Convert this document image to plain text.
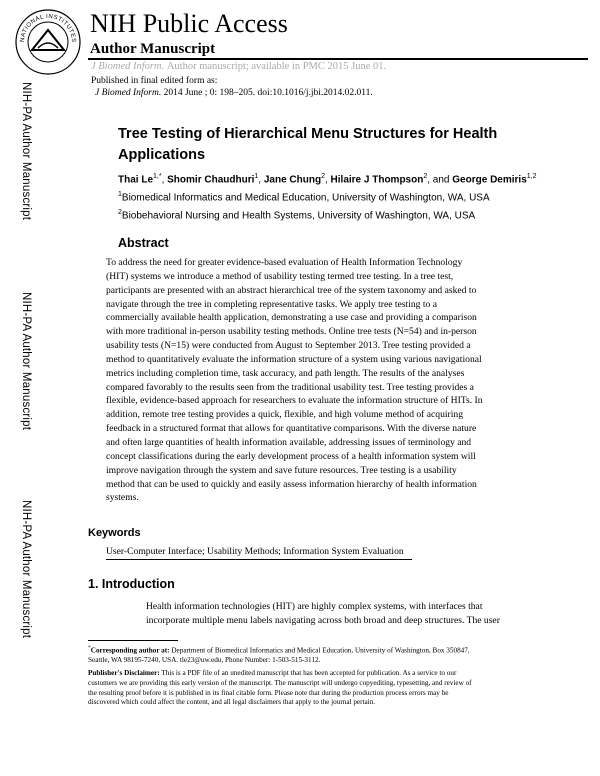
NATIONAL INSTITUTES
NIH Public Access
Author Manuscript
J Biomed Inform. Author manuscript; available in PMC 2015 June 01.
NIH-PA Author Manuscript
NIH-PA Author Manuscript
NIH-PA Author Manuscript
Published in final edited form as:
J Biomed Inform. 2014 June ; 0: 198–205. doi:10.1016/j.jbi.2014.02.011.
Tree Testing of Hierarchical Menu Structures for Health Applications
Thai $Le^{1,*}$, Shomir Chaudhuri$^1$, Jane Chung$^2$, Hilaire J Thompson$^2$, and George Demiris$^{1,2}$
$^1$Biomedical Informatics and Medical Education, University of Washington, WA, USA
$^2$Biobehavioral Nursing and Health Systems, University of Washington, WA, USA
Abstract
To address the need for greater evidence-based evaluation of Health Information Technology
(HIT) systems we introduce a method of usability testing termed tree testing. In a tree test,
participants are presented with an abstract hierarchical tree of the system taxonomy and asked to
navigate through the tree in completing representative tasks. We apply tree testing to a
commercially available health application, demonstrating a use case and providing a comparison
with more traditional in-person usability testing methods. Online tree tests (N=54) and in-person
usability tests (N=15) were conducted from August to September 2013. Tree testing provided a
method to quantitatively evaluate the information structure of a system using various navigational
metrics including completion time, task accuracy, and path length. The results of the analyses
compared favorably to the results seen from the traditional usability test. Tree testing provides a
flexible, evidence-based approach for researchers to evaluate the information structure of HITs. In
addition, remote tree testing provides a quick, flexible, and high volume method of acquiring
feedback in a structured format that allows for quantitative comparisons. With the diverse nature
and often large quantities of health information available, addressing issues of terminology and
concept classifications during the early development process of a health information system will
improve navigation through the system and save future resources. Tree testing is a usability
method that can be used to quickly and easily assess information hierarchy of health information
systems.
Keywords
User-Computer Interface; Usability Methods; Information System Evaluation
1. Introduction
Health information technologies (HIT) are highly complex systems, with interfaces that
incorporate multiple menu labels navigating across both broad and deep structures. The user
*Corresponding author at: Department of Biomedical Informatics and Medical Education, University of Washington, Box 350847,
Seattle, WA 98195-7240, USA. tle23@uw.edu, Phone Number: 1-503-515-3112.
Publisher's Disclaimer: This is a PDF file of an unedited manuscript that has been accepted for publication. As a service to our
customers we are providing this early version of the manuscript. The manuscript will undergo copyediting, typesetting, and review of
the resulting proof before it is published in its final citable form. Please note that during the production process errors may be
discovered which could affect the content, and all legal disclaimers that apply to the journal pertain.
